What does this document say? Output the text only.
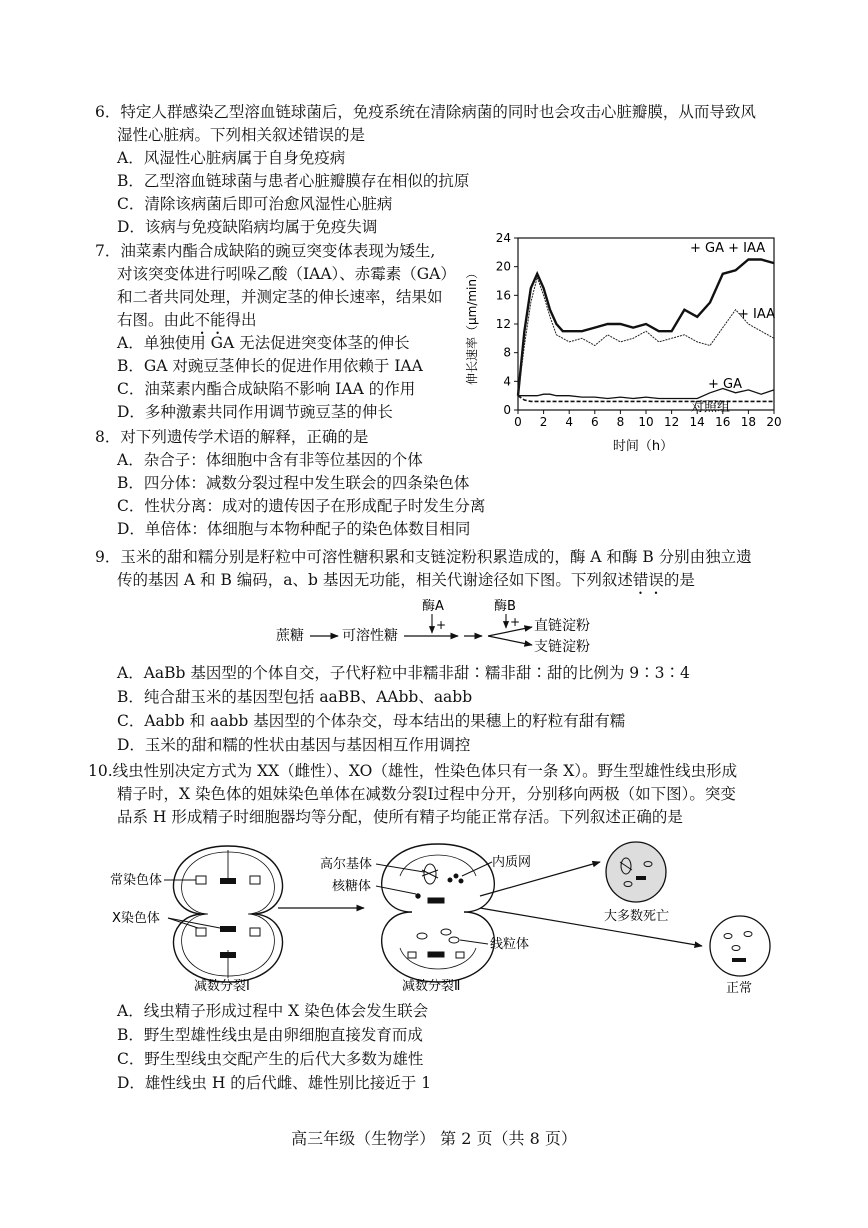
6．特定人群感染乙型溶血链球菌后，免疫系统在清除病菌的同时也会攻击心脏瓣膜，从而导致风
湿性心脏病。下列相关叙述错误的是
A．风湿性心脏病属于自身免疫病
B．乙型溶血链球菌与患者心脏瓣膜存在相似的抗原
C．清除该病菌后即可治愈风湿性心脏病
D．该病与免疫缺陷病均属于免疫失调
7．油菜素内酯合成缺陷的豌豆突变体表现为矮生,
对该突变体进行吲哚乙酸（IAA）、赤霉素（GA）
和二者共同处理，并测定茎的伸长速率，结果如
右图。由此不能得出
A．单独使用 GA 无法促进突变体茎的伸长
B．GA 对豌豆茎伸长的促进作用依赖于 IAA
C．油菜素内酯合成缺陷不影响 IAA 的作用
D．多种激素共同作用调节豌豆茎的伸长
0 2 4 6 8 10 12 14 16 18 20
0
4
8
12
16
20
24
+ GA + IAA
+ IAA
+ GA
对照组
伸长速率（μm/min）
时间（h）
8．对下列遗传学术语的解释，正确的是
A．杂合子：体细胞中含有非等位基因的个体
B．四分体：减数分裂过程中发生联会的四条染色体
C．性状分离：成对的遗传因子在形成配子时发生分离
D．单倍体：体细胞与本物种配子的染色体数目相同
9．玉米的甜和糯分别是籽粒中可溶性糖积累和支链淀粉积累造成的，酶 A 和酶 B 分别由独立遗
传的基因 A 和 B 编码，a、b 基因无功能，相关代谢途径如下图。下列叙述错误的是
蔗糖	可溶性糖
酶A
+
酶B
+ 直链淀粉
支链淀粉
A．AaBb 基因型的个体自交，子代籽粒中非糯非甜∶糯非甜∶甜的比例为 9∶3∶4
B．纯合甜玉米的基因型包括 aaBB、AAbb、aabb
C．Aabb 和 aabb 基因型的个体杂交，母本结出的果穗上的籽粒有甜有糯
D．玉米的甜和糯的性状由基因与基因相互作用调控
10.线虫性别决定方式为 XX（雌性）、XO（雄性，性染色体只有一条 X）。野生型雄性线虫形成
精子时，X 染色体的姐妹染色单体在减数分裂Ⅰ过程中分开，分别移向两极（如下图）。突变
品系 H 形成精子时细胞器均等分配，使所有精子均能正常存活。下列叙述正确的是
常染色体
X染色体
减数分裂Ⅰ
高尔基体
核糖体
内质网
线粒体
减数分裂Ⅱ
大多数死亡
正常
A．线虫精子形成过程中 X 染色体会发生联会
B．野生型雄性线虫是由卵细胞直接发育而成
C．野生型线虫交配产生的后代大多数为雄性
D．雄性线虫 H 的后代雌、雄性别比接近于 1
高三年级（生物学） 第 2 页（共 8 页）
